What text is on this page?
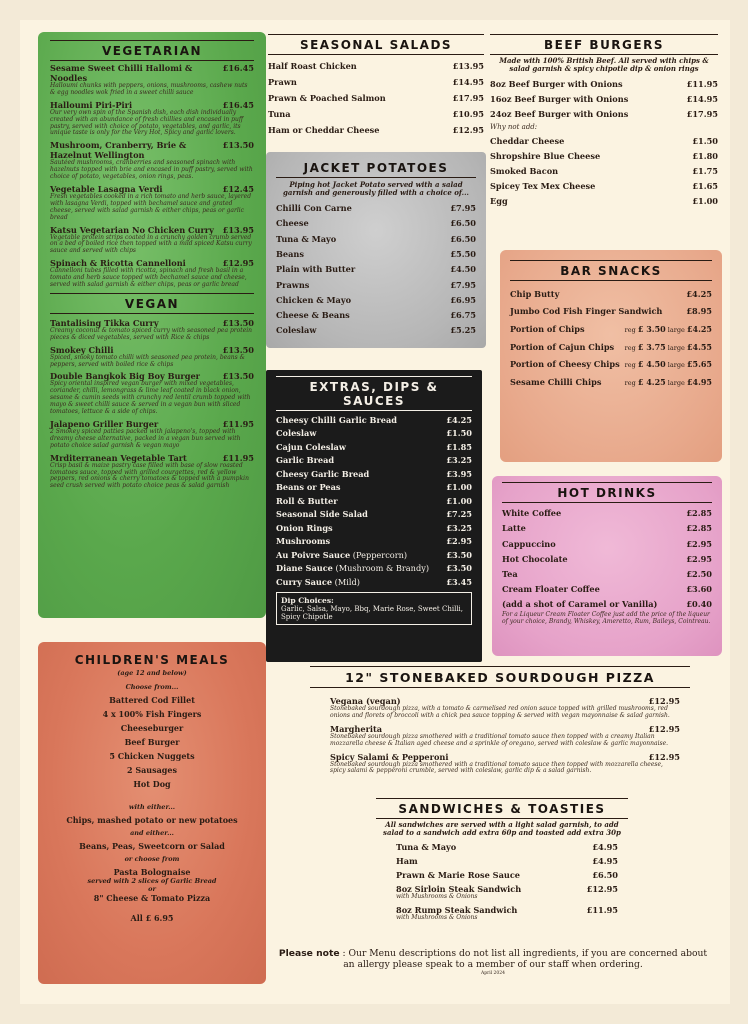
VEGETARIAN
Sesame Sweet Chilli Hallomi & Noodles
£16.45
Halloumi chunks with peppers, onions, mushrooms, cashew nuts & egg noodles wok fried in a sweet chilli sauce
Halloumi Piri-Piri	£16.45
Our very own spin of the Spanish dish, each dish individually created with an abundance of fresh chillies and encased in puff pastry, served with choice of potato, vegetables, and garlic, its unique taste is only for the Very Hot, Spicy and garlic lovers.
Mushroom, Cranberry, Brie & Hazelnut Wellington
£13.50
Sautéed mushrooms, cranberries and seasoned spinach with hazelnuts topped with brie and encased in puff pastry, served with choice of potato, vegetables, onion rings, peas.
Vegetable Lasagna Verdi	£12.45
Fresh vegetables cooked in a rich tomato and herb sauce, layered with lasagna Verdi, topped with bechamel sauce and grated cheese, served with salad garnish & either chips, peas or garlic bread
Katsu Vegetarian No Chicken Curry £13.95
Vegetable protein strips coated in a crunchy golden crumb served on a bed of boiled rice then topped with a mild spiced Katsu curry sauce and served with chips
Spinach & Ricotta Cannelloni	£12.95
Cannelloni tubes filled with ricotta, spinach and fresh basil in a tomato and herb sauce topped with bechamel sauce and cheese, served with salad garnish & either chips, peas or garlic bread
VEGAN
Tantalising Tikka Curry	£13.50
Creamy coconut & tomato spiced curry with seasoned pea protein pieces & diced vegetables, served with Rice & chips
Smokey Chilli	£13.50
Spiced, smoky tomato chilli with seasoned pea protein, beans & peppers, served with boiled rice & chips
Double Bangkok Big Boy Burger	£13.50
Spicy oriental inspired vegan burger with mixed vegetables, coriander, chilli, lemongrass & lime leaf coated in black onion, sesame & cumin seeds with crunchy red lentil crumb topped with mayo & sweet chilli sauce & served in a vegan bun with sliced tomatoes, lettuce & a side of chips.
Jalapeno Griller Burger	£11.95
2 Smokey spiced patties packed with jalapeno's, topped with dreamy cheese alternative, packed in a vegan bun served with potato choice salad garnish & vegan mayo
Mrditerranean Vegetable Tart	£11.95
Crisp basil & maize pastry case filled with base of slow roasted tomatoes sauce, topped with grilled courgettes, red & yellow peppers, red onions & cherry tomatoes & topped with a pumpkin seed crush served with potato choice peas & salad garnish
CHILDREN'S MEALS
(age 12 and below)
Choose from...
Battered Cod Fillet
4 x 100% Fish Fingers
Cheeseburger
Beef Burger
5 Chicken Nuggets
2 Sausages
Hot Dog
with either...
Chips, mashed potato or new potatoes
and either...
Beans, Peas, Sweetcorn or Salad
or choose from
Pasta Bolognaise
served with 2 slices of Garlic Bread
or
8" Cheese & Tomato Pizza
All £ 6.95
SEASONAL SALADS
Half Roast Chicken	£13.95
Prawn	£14.95
Prawn & Poached Salmon	£17.95
Tuna	£10.95
Ham or Cheddar Cheese	£12.95
JACKET POTATOES
Piping hot Jacket Potato served with a salad garnish and generously filled with a choice of...
Chilli Con Carne	£7.95
Cheese	£6.50
Tuna & Mayo	£6.50
Beans	£5.50
Plain with Butter	£4.50
Prawns	£7.95
Chicken & Mayo	£6.95
Cheese & Beans	£6.75
Coleslaw	£5.25
EXTRAS, DIPS & SAUCES
Cheesy Chilli Garlic Bread	£4.25
Coleslaw	£1.50
Cajun Coleslaw	£1.85
Garlic Bread	£3.25
Cheesy Garlic Bread	£3.95
Beans or Peas	£1.00
Roll & Butter	£1.00
Seasonal Side Salad	£7.25
Onion Rings	£3.25
Mushrooms	£2.95
Au Poivre Sauce (Peppercorn)	£3.50
Diane Sauce (Mushroom & Brandy) £3.50
Curry Sauce (Mild)	£3.45
Dip Choices:
Garlic, Salsa, Mayo, Bbq, Marie Rose, Sweet Chilli, Spicy Chipotle
BEEF BURGERS
Made with 100% British Beef. All served with chips & salad garnish & spicy chipotle dip & onion rings
8oz Beef Burger with Onions	£11.95
16oz Beef Burger with Onions	£14.95
24oz Beef Burger with Onions	£17.95
Why not add:
Cheddar Cheese	£1.50
Shropshire Blue Cheese	£1.80
Smoked Bacon	£1.75
Spicey Tex Mex Cheese	£1.65
Egg	£1.00
BAR SNACKS
Chip Butty	£4.25
Jumbo Cod Fish Finger Sandwich	£8.95
Portion of Chips	reg £ 3.50 large £4.25
Portion of Cajun Chips reg £ 3.75 large £4.55
Portion of Cheesy Chips reg £ 4.50 large £5.65
Sesame Chilli Chips	reg £ 4.25 large £4.95
HOT DRINKS
White Coffee	£2.85
Latte	£2.85
Cappuccino	£2.95
Hot Chocolate	£2.95
Tea	£2.50
Cream Floater Coffee	£3.60
(add a shot of Caramel or Vanilla)	£0.40
For a Liqueur Cream Floater Coffee just add the price of the liqueur of your choice, Brandy, Whiskey, Ameretto, Rum, Baileys, Cointreau.
12" STONEBAKED SOURDOUGH PIZZA
Vegana (vegan)	£12.95
Stonebaked sourdough pizza, with a tomato & carmelised red onion sauce topped with grilled mushrooms, red onions and florets of broccoli with a chick pea sauce topping & served with vegan mayonnaise & salad garnish.
Margherita	£12.95
Stonebaked sourdough pizza smothered with a traditional tomato sauce then topped with a creamy Italian mozzarella cheese & Italian aged cheese and a sprinkle of oregano, served with coleslaw & garlic mayonnaise.
Spicy Salami & Pepperoni	£12.95
Stonebaked sourdough pizza smothered with a traditional tomato sauce then topped with mozzarella cheese, spicy salami & pepperoni crumble, served with coleslaw, garlic dip & a salad garnish.
SANDWICHES & TOASTIES
All sandwiches are served with a light salad garnish, to add salad to a sandwich add extra 60p and toasted add extra 30p
Tuna & Mayo	£4.95
Ham	£4.95
Prawn & Marie Rose Sauce	£6.50
8oz Sirloin Steak Sandwich	£12.95
with Mushrooms & Onions
8oz Rump Steak Sandwich	£11.95
with Mushrooms & Onions
Please note : Our Menu descriptions do not list all ingredients, if you are concerned about an allergy please speak to a member of our staff when ordering.
April 2024
